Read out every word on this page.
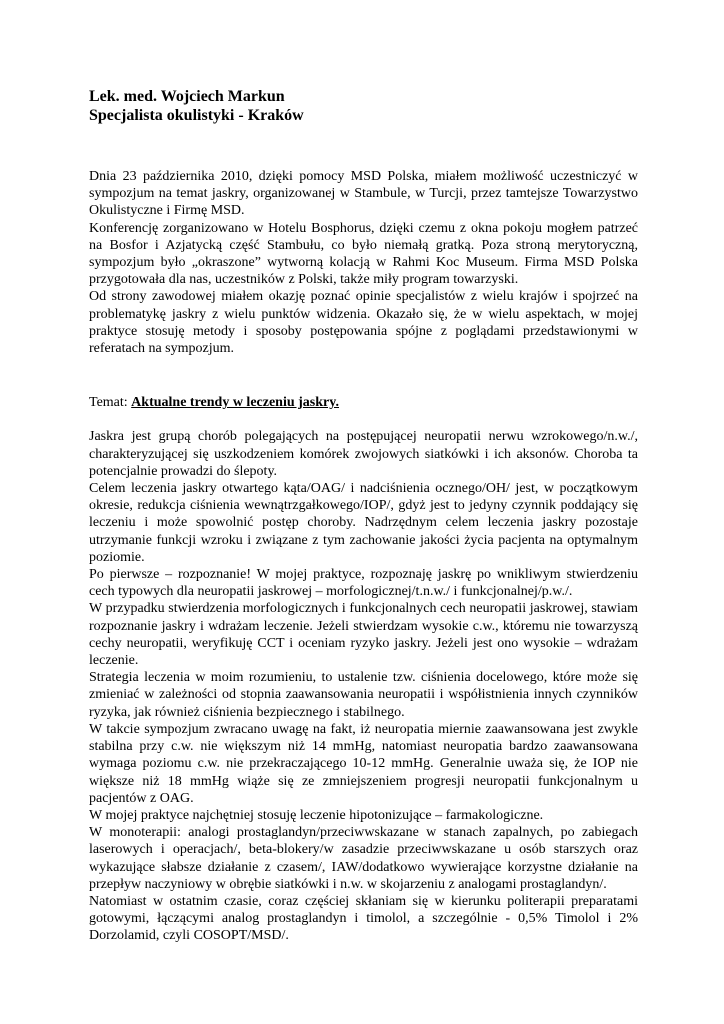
Lek. med. Wojciech Markun

Specjalista okulistyki - Kraków

Dnia 23 października 2010, dzięki pomocy MSD Polska, miałem możliwość uczestniczyć w sympozjum na temat jaskry, organizowanej w Stambule, w Turcji, przez tamtejsze Towarzystwo Okulistyczne i Firmę MSD.

Konferencję zorganizowano w Hotelu Bosphorus, dzięki czemu z okna pokoju mogłem patrzeć na Bosfor i Azjatycką część Stambułu, co było niemałą gratką. Poza stroną merytoryczną, sympozjum było „okraszone” wytworną kolacją w Rahmi Koc Museum. Firma MSD Polska przygotowała dla nas, uczestników z Polski, także miły program towarzyski.

Od strony zawodowej miałem okazję poznać opinie specjalistów z wielu krajów i spojrzeć na problematykę jaskry z wielu punktów widzenia. Okazało się, że w wielu aspektach, w mojej praktyce stosuję metody i sposoby postępowania spójne z poglądami przedstawionymi w referatach na sympozjum.

Temat: Aktualne trendy w leczeniu jaskry.

Jaskra jest grupą chorób polegających na postępującej neuropatii nerwu wzrokowego/n.w./, charakteryzującej się uszkodzeniem komórek zwojowych siatkówki i ich aksonów. Choroba ta potencjalnie prowadzi do ślepoty.

Celem leczenia jaskry otwartego kąta/OAG/ i nadciśnienia ocznego/OH/ jest, w początkowym okresie, redukcja ciśnienia wewnątrzgałkowego/IOP/, gdyż jest to jedyny czynnik poddający się leczeniu i może spowolnić postęp choroby. Nadrzędnym celem leczenia jaskry pozostaje utrzymanie funkcji wzroku i związane z tym zachowanie jakości życia pacjenta na optymalnym poziomie.

Po pierwsze – rozpoznanie! W mojej praktyce, rozpoznaję jaskrę po wnikliwym stwierdzeniu cech typowych dla neuropatii jaskrowej – morfologicznej/t.n.w./ i funkcjonalnej/p.w./.

W przypadku stwierdzenia morfologicznych i funkcjonalnych cech neuropatii jaskrowej, stawiam rozpoznanie jaskry i wdrażam leczenie. Jeżeli stwierdzam wysokie c.w., któremu nie towarzyszą cechy neuropatii, weryfikuję CCT i oceniam ryzyko jaskry. Jeżeli jest ono wysokie – wdrażam leczenie.

Strategia leczenia w moim rozumieniu, to ustalenie tzw. ciśnienia docelowego, które może się zmieniać w zależności od stopnia zaawansowania neuropatii i współistnienia innych czynników ryzyka, jak również ciśnienia bezpiecznego i stabilnego.

W takcie sympozjum zwracano uwagę na fakt, iż neuropatia miernie zaawansowana jest zwykle stabilna przy c.w. nie większym niż 14 mmHg, natomiast neuropatia bardzo zaawansowana wymaga poziomu c.w. nie przekraczającego 10-12 mmHg. Generalnie uważa się, że IOP nie większe niż 18 mmHg wiąże się ze zmniejszeniem progresji neuropatii funkcjonalnym u pacjentów z OAG.

W mojej praktyce najchętniej stosuję leczenie hipotonizujące – farmakologiczne.

W monoterapii: analogi prostaglandyn/przeciwwskazane w stanach zapalnych, po zabiegach laserowych i operacjach/, beta-blokery/w zasadzie przeciwwskazane u osób starszych oraz wykazujące słabsze działanie z czasem/, IAW/dodatkowo wywierające korzystne działanie na przepływ naczyniowy w obrębie siatkówki i n.w. w skojarzeniu z analogami prostaglandyn/.

Natomiast w ostatnim czasie, coraz częściej skłaniam się w kierunku politerapii preparatami gotowymi, łączącymi analog prostaglandyn i timolol, a szczególnie - 0,5% Timolol i 2% Dorzolamid, czyli COSOPT/MSD/.
